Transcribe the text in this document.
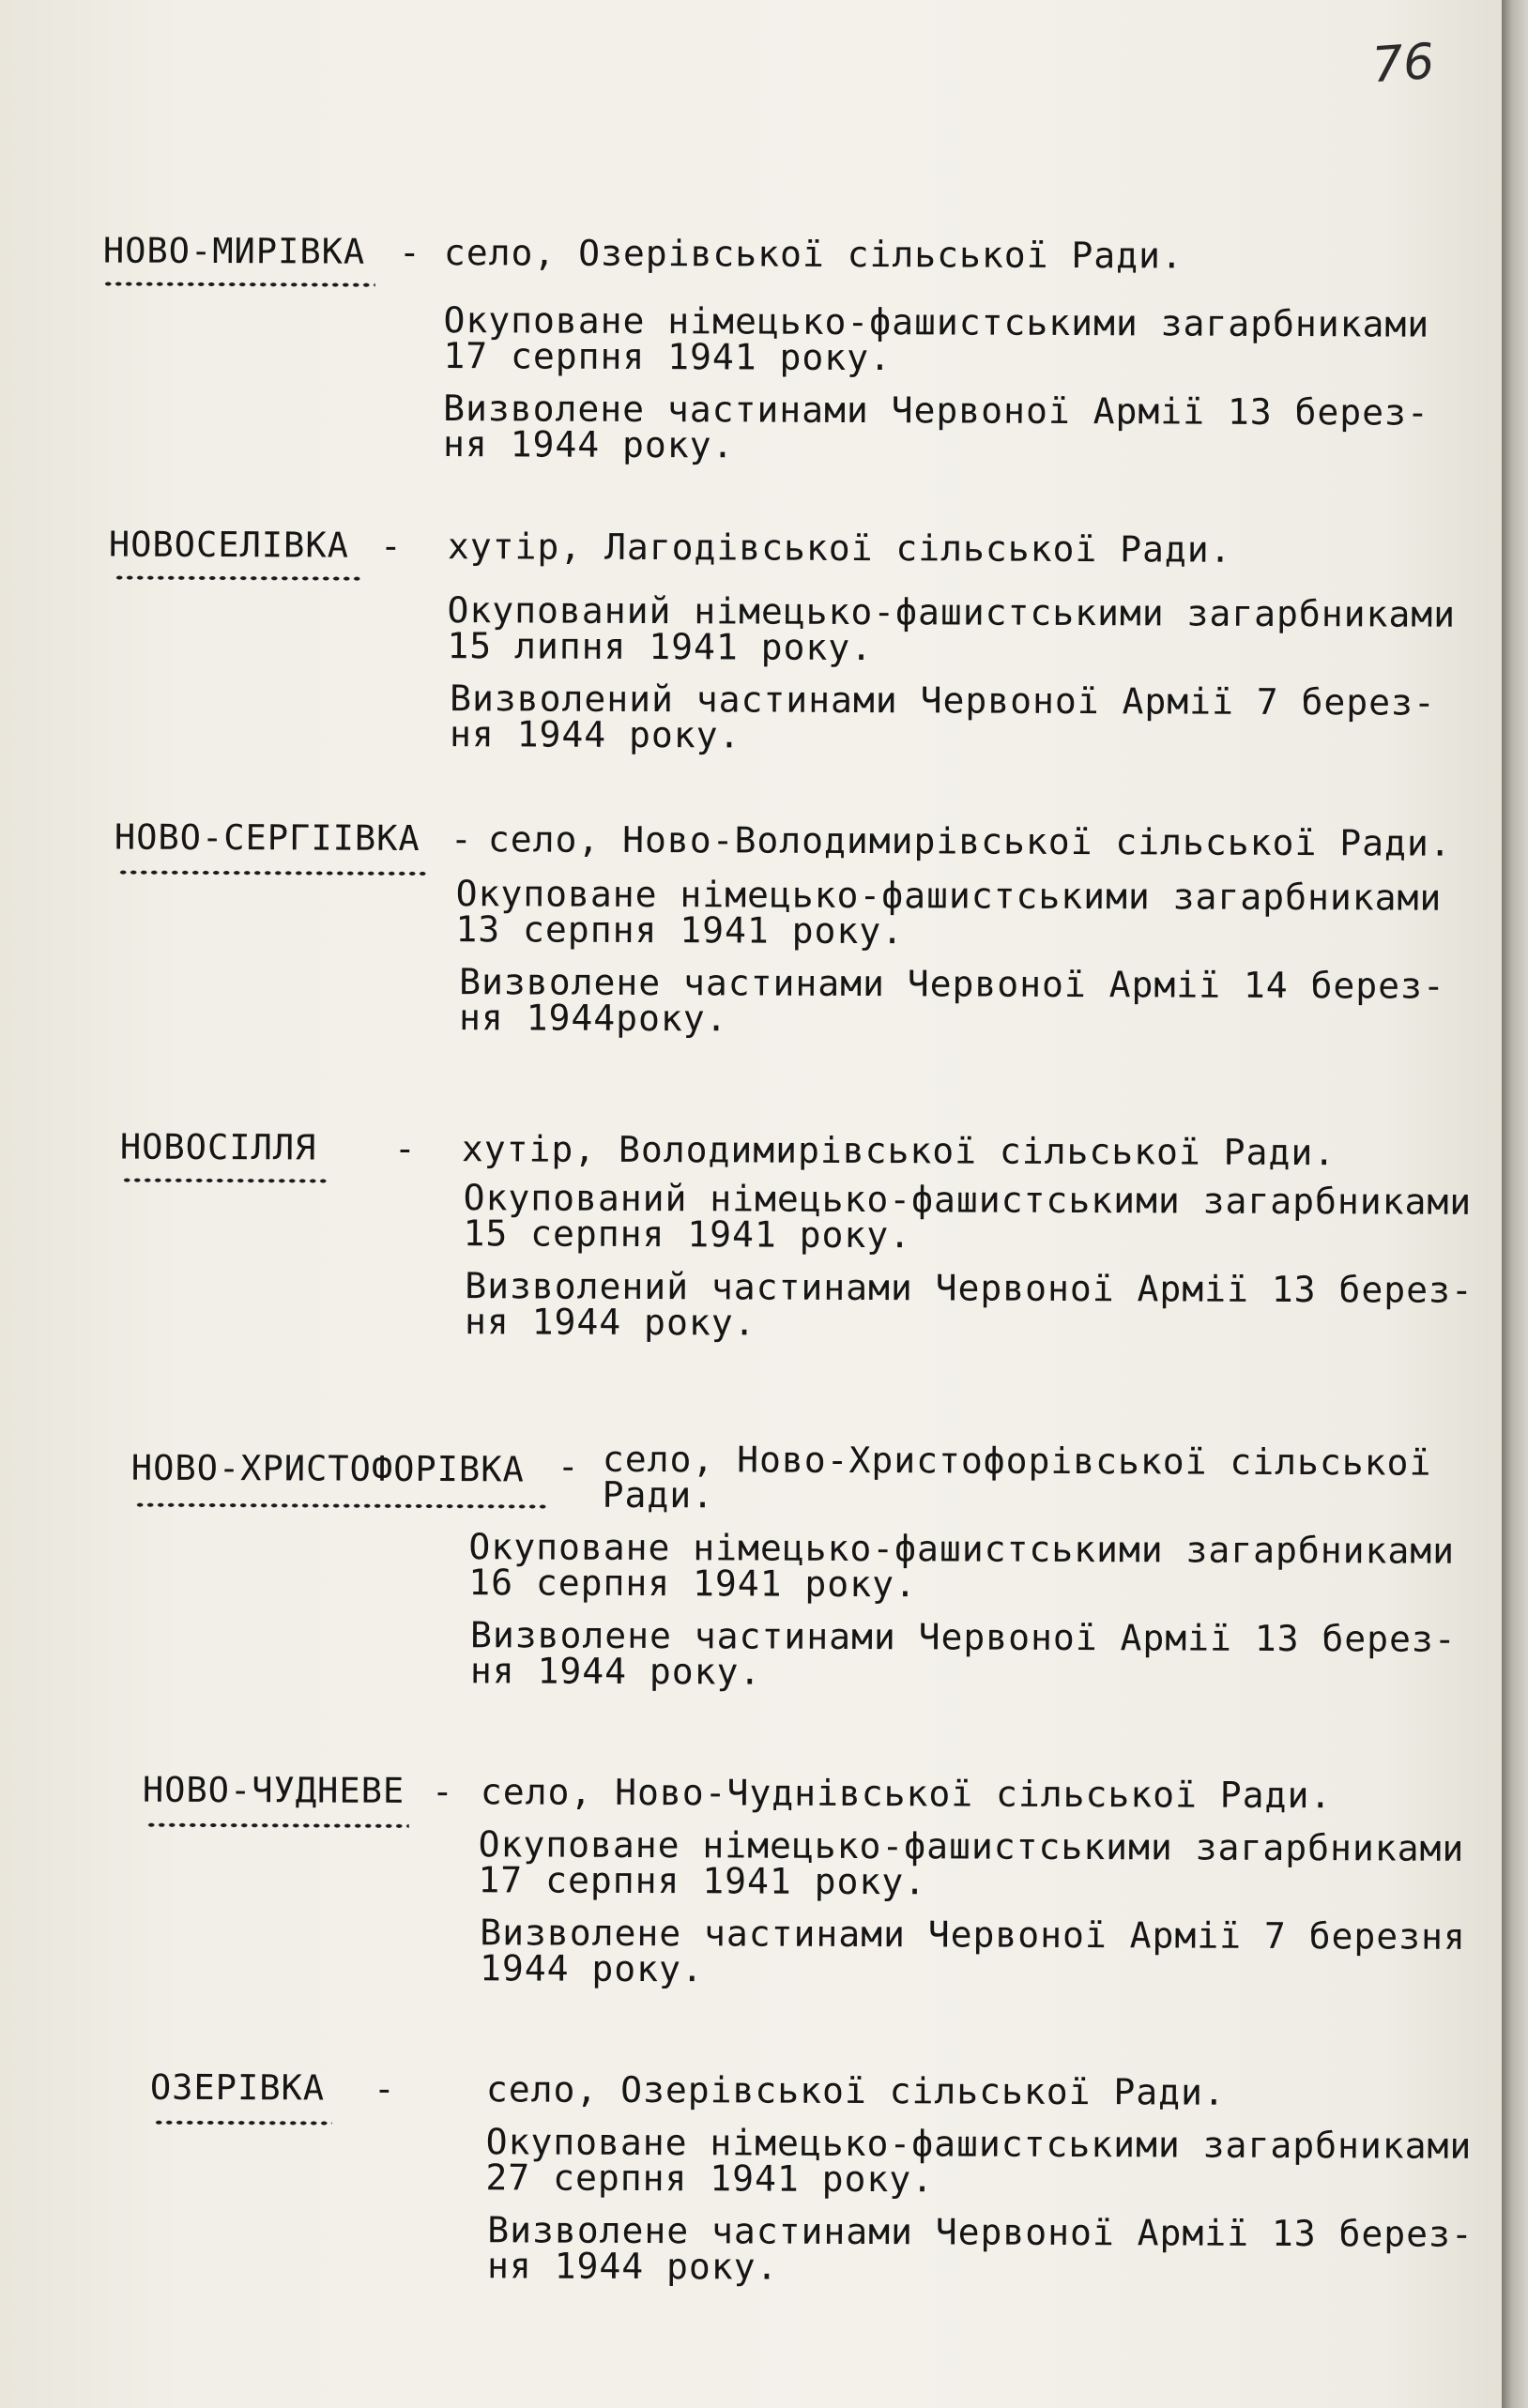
76
НОВО-МИРІВКА - село, Озерівської сільської Ради.
Окуповане німецько-фашистськими загарбниками
17 серпня 1941 року.
Визволене частинами Червоної Армії 13 берез-
ня 1944 року.
НОВОСЕЛІВКА - хутір, Лагодівської сільської Ради.
Окупований німецько-фашистськими загарбниками
15 липня 1941 року.
Визволений частинами Червоної Армії 7 берез-
ня 1944 року.
НОВО-СЕРГІІВКА - село, Ново-Володимирівської сільської Ради.
Окуповане німецько-фашистськими загарбниками
13 серпня 1941 року.
Визволене частинами Червоної Армії 14 берез-
ня 1944року.
НОВОСІЛЛЯ - хутір, Володимирівської сільської Ради.
Окупований німецько-фашистськими загарбниками
15 серпня 1941 року.
Визволений частинами Червоної Армії 13 берез-
ня 1944 року.
НОВО-ХРИСТОФОРІВКА - село, Ново-Христофорівської сільської
Ради.
Окуповане німецько-фашистськими загарбниками
16 серпня 1941 року.
Визволене частинами Червоної Армії 13 берез-
ня 1944 року.
НОВО-ЧУДНЕВЕ - село, Ново-Чуднівської сільської Ради.
Окуповане німецько-фашистськими загарбниками
17 серпня 1941 року.
Визволене частинами Червоної Армії 7 березня
1944 року.
ОЗЕРІВКА -	село, Озерівської сільської Ради.
Окуповане німецько-фашистськими загарбниками
27 серпня 1941 року.
Визволене частинами Червоної Армії 13 берез-
ня 1944 року.
